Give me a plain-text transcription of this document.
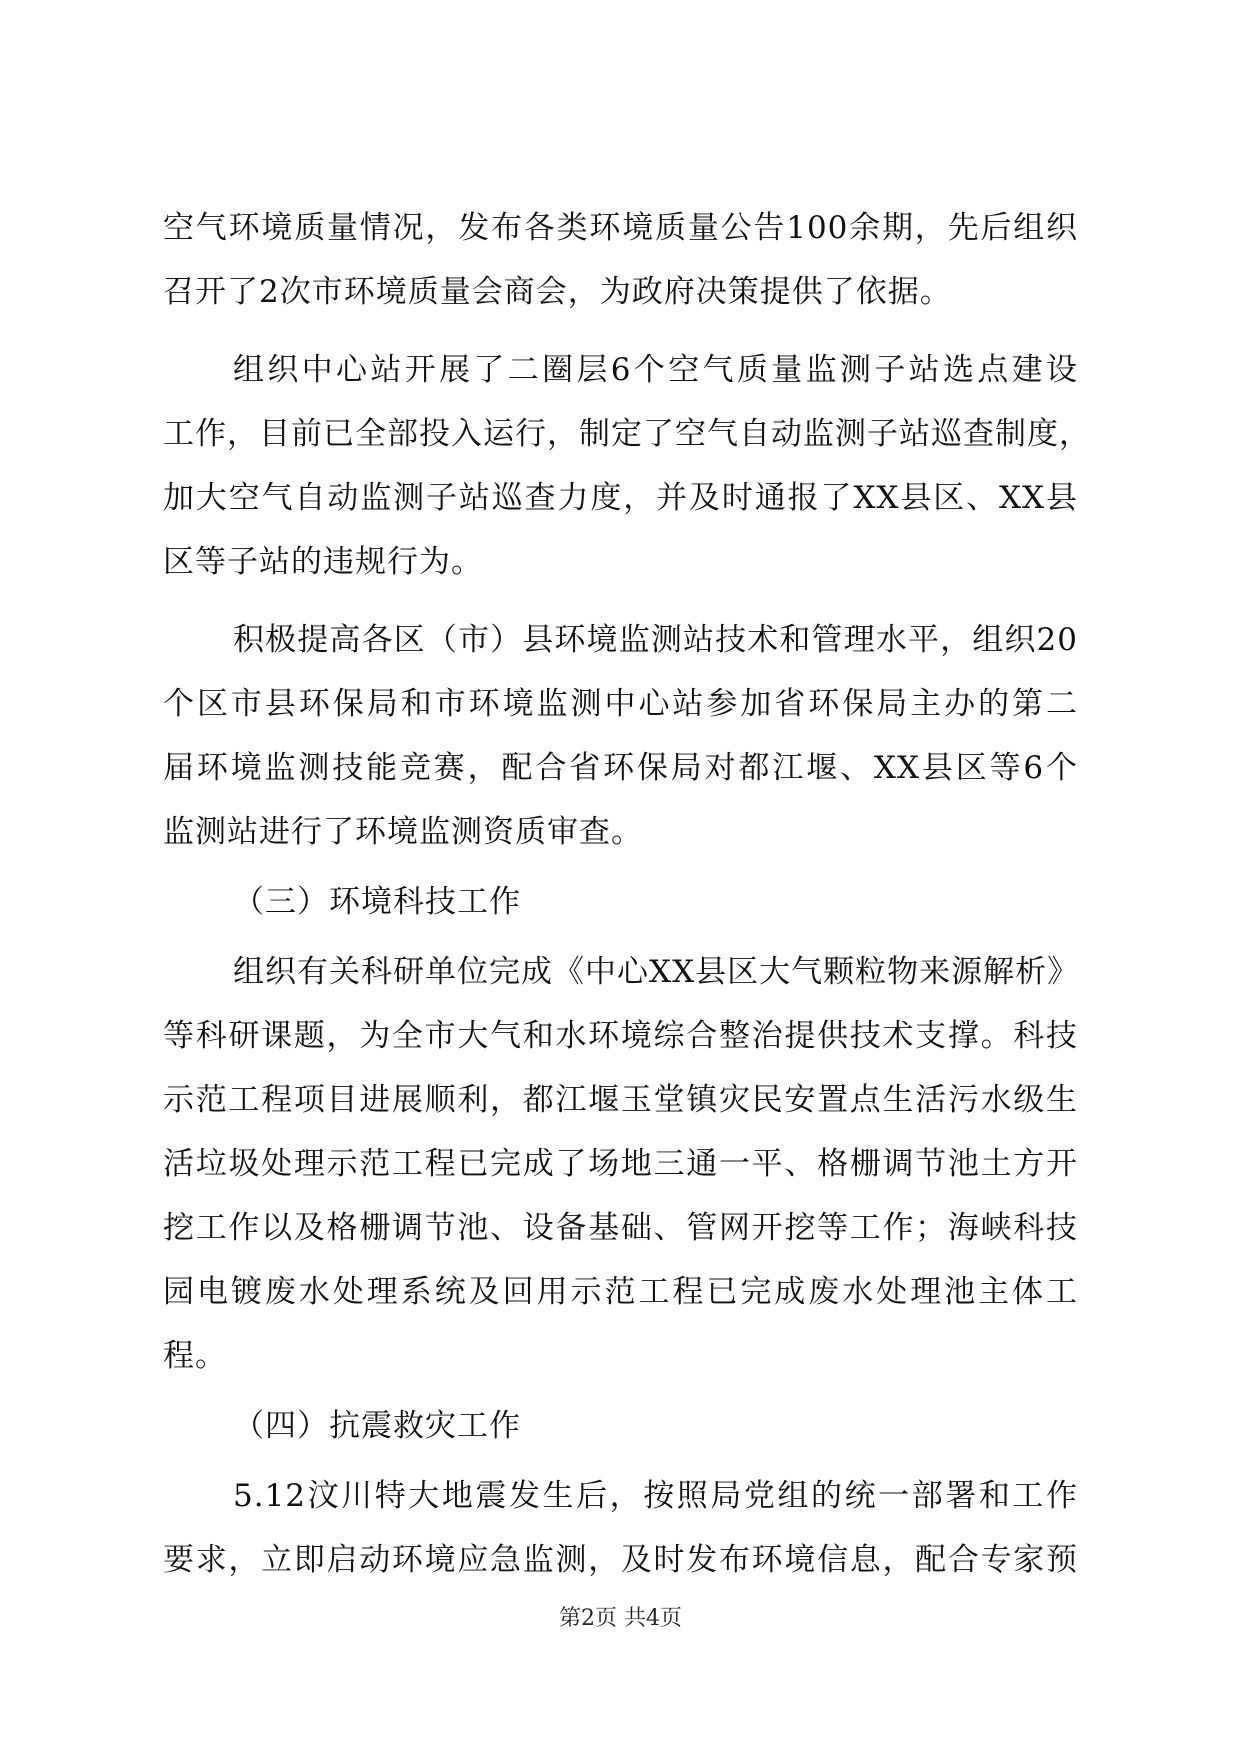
空气环境质量情况，发布各类环境质量公告100余期，先后组织
召开了2次市环境质量会商会，为政府决策提供了依据。
组织中心站开展了二圈层6个空气质量监测子站选点建设
工作，目前已全部投入运行，制定了空气自动监测子站巡查制度，
加大空气自动监测子站巡查力度，并及时通报了XX县区、XX县
区等子站的违规行为。
积极提高各区（市）县环境监测站技术和管理水平，组织20
个区市县环保局和市环境监测中心站参加省环保局主办的第二
届环境监测技能竞赛，配合省环保局对都江堰、XX县区等6个
监测站进行了环境监测资质审查。
（三）环境科技工作
组织有关科研单位完成《中心XX县区大气颗粒物来源解析》
等科研课题，为全市大气和水环境综合整治提供技术支撑。科技
示范工程项目进展顺利，都江堰玉堂镇灾民安置点生活污水级生
活垃圾处理示范工程已完成了场地三通一平、格栅调节池土方开
挖工作以及格栅调节池、设备基础、管网开挖等工作；海峡科技
园电镀废水处理系统及回用示范工程已完成废水处理池主体工
程。
（四）抗震救灾工作
5.12汶川特大地震发生后，按照局党组的统一部署和工作
要求，立即启动环境应急监测，及时发布环境信息，配合专家预
第2页 共4页
